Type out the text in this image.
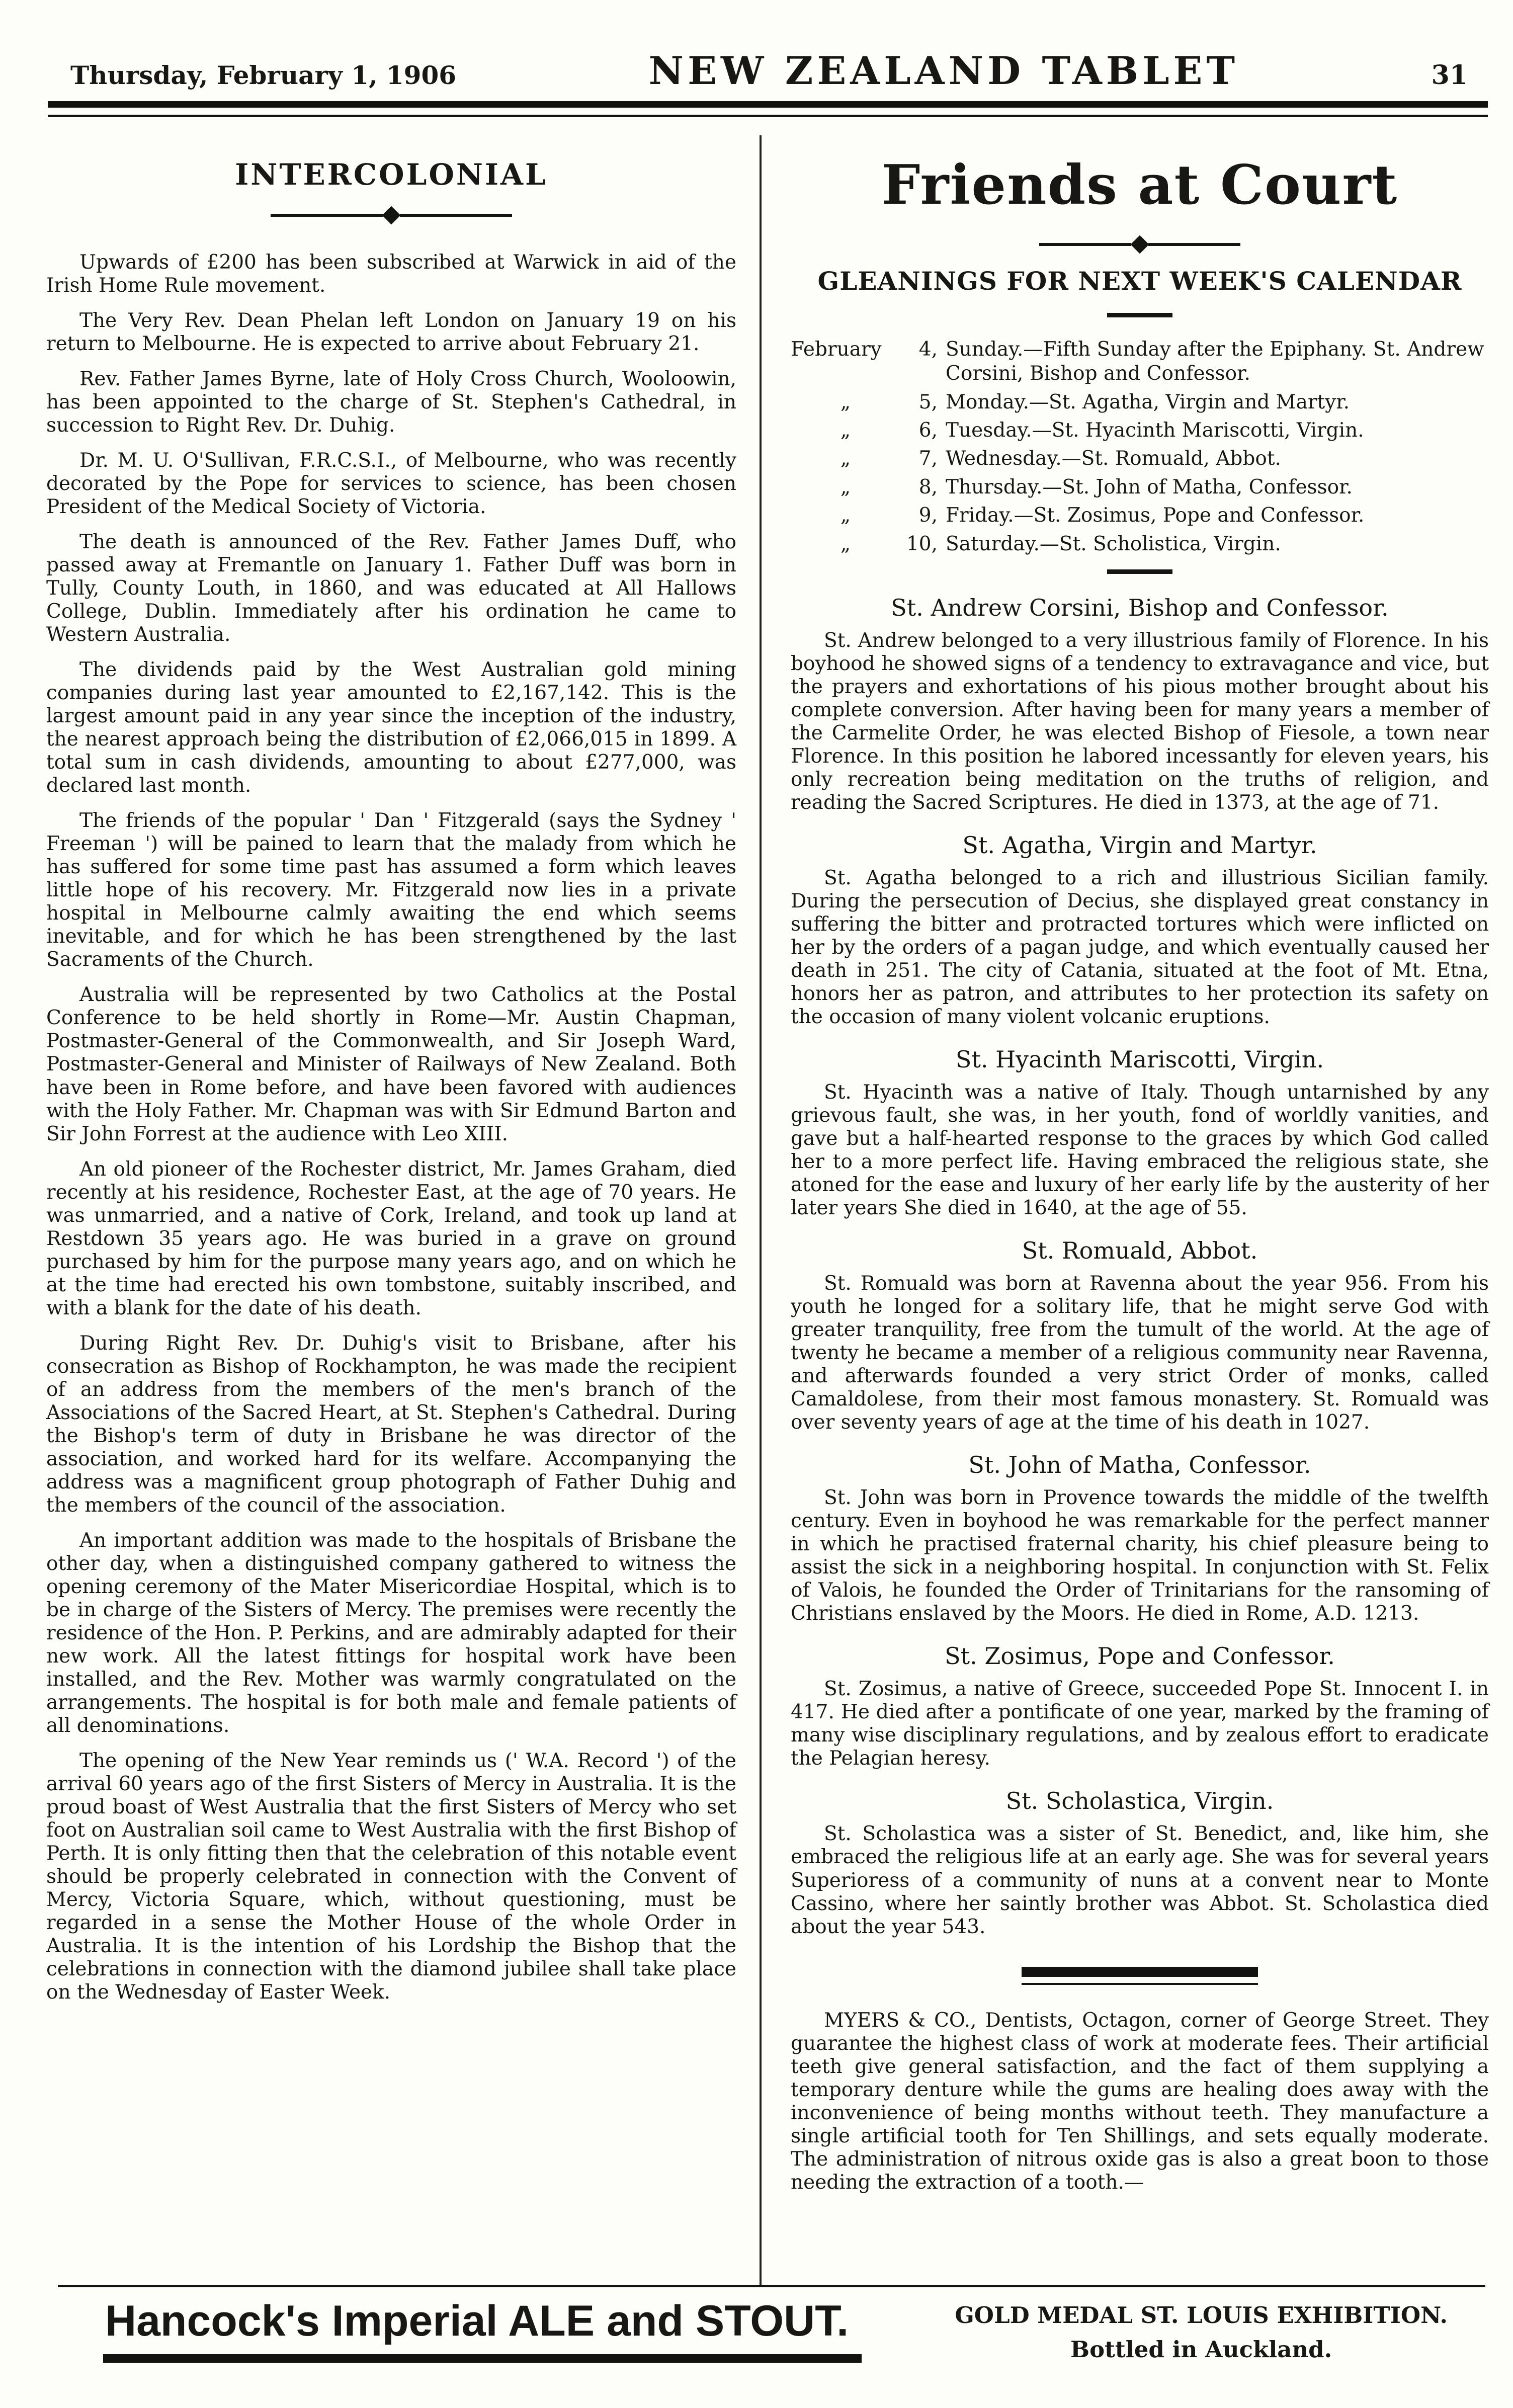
Thursday, February 1, 1906	NEW ZEALAND TABLET	31
INTERCOLONIAL

Upwards of £200 has been subscribed at Warwick in aid of the Irish Home Rule movement.

The Very Rev. Dean Phelan left London on January 19 on his return to Melbourne. He is expected to arrive about February 21.

Rev. Father James Byrne, late of Holy Cross Church, Wooloowin, has been appointed to the charge of St. Stephen's Cathedral, in succession to Right Rev. Dr. Duhig.

Dr. M. U. O'Sullivan, F.R.C.S.I., of Melbourne, who was recently decorated by the Pope for services to science, has been chosen President of the Medical Society of Victoria.

The death is announced of the Rev. Father James Duff, who passed away at Fremantle on January 1. Father Duff was born in Tully, County Louth, in 1860, and was educated at All Hallows College, Dublin. Immediately after his ordination he came to Western Australia.

The dividends paid by the West Australian gold mining companies during last year amounted to £2,167,142. This is the largest amount paid in any year since the inception of the industry, the nearest approach being the distribution of £2,066,015 in 1899. A total sum in cash dividends, amounting to about £277,000, was declared last month.

The friends of the popular ' Dan ' Fitzgerald (says the Sydney ' Freeman ') will be pained to learn that the malady from which he has suffered for some time past has assumed a form which leaves little hope of his recovery. Mr. Fitzgerald now lies in a private hospital in Melbourne calmly awaiting the end which seems inevitable, and for which he has been strengthened by the last Sacraments of the Church.

Australia will be represented by two Catholics at the Postal Conference to be held shortly in Rome—Mr. Austin Chapman, Postmaster-General of the Commonwealth, and Sir Joseph Ward, Postmaster-General and Minister of Railways of New Zealand. Both have been in Rome before, and have been favored with audiences with the Holy Father. Mr. Chapman was with Sir Edmund Barton and Sir John Forrest at the audience with Leo XIII.

An old pioneer of the Rochester district, Mr. James Graham, died recently at his residence, Rochester East, at the age of 70 years. He was unmarried, and a native of Cork, Ireland, and took up land at Restdown 35 years ago. He was buried in a grave on ground purchased by him for the purpose many years ago, and on which he at the time had erected his own tombstone, suitably inscribed, and with a blank for the date of his death.

During Right Rev. Dr. Duhig's visit to Brisbane, after his consecration as Bishop of Rockhampton, he was made the recipient of an address from the members of the men's branch of the Associations of the Sacred Heart, at St. Stephen's Cathedral. During the Bishop's term of duty in Brisbane he was director of the association, and worked hard for its welfare. Accompanying the address was a magnificent group photograph of Father Duhig and the members of the council of the association.

An important addition was made to the hospitals of Brisbane the other day, when a distinguished company gathered to witness the opening ceremony of the Mater Misericordiae Hospital, which is to be in charge of the Sisters of Mercy. The premises were recently the residence of the Hon. P. Perkins, and are admirably adapted for their new work. All the latest fittings for hospital work have been installed, and the Rev. Mother was warmly congratulated on the arrangements. The hospital is for both male and female patients of all denominations.

The opening of the New Year reminds us (' W.A. Record ') of the arrival 60 years ago of the first Sisters of Mercy in Australia. It is the proud boast of West Australia that the first Sisters of Mercy who set foot on Australian soil came to West Australia with the first Bishop of Perth. It is only fitting then that the celebration of this notable event should be properly celebrated in connection with the Convent of Mercy, Victoria Square, which, without questioning, must be regarded in a sense the Mother House of the whole Order in Australia. It is the intention of his Lordship the Bishop that the celebrations in connection with the diamond jubilee shall take place on the Wednesday of Easter Week.

Friends at Court
GLEANINGS FOR NEXT WEEK'S CALENDAR
February	4, Sunday.—Fifth Sunday after the Epiphany. St. Andrew Corsini, Bishop and Confessor.
„	5, Monday.—St. Agatha, Virgin and Martyr.
„	6, Tuesday.—St. Hyacinth Mariscotti, Virgin.
„	7, Wednesday.—St. Romuald, Abbot.
„	8, Thursday.—St. John of Matha, Confessor.
„	9, Friday.—St. Zosimus, Pope and Confessor.
„	10, Saturday.—St. Scholistica, Virgin.
St. Andrew Corsini, Bishop and Confessor.

St. Andrew belonged to a very illustrious family of Florence. In his boyhood he showed signs of a tendency to extravagance and vice, but the prayers and exhortations of his pious mother brought about his complete conversion. After having been for many years a member of the Carmelite Order, he was elected Bishop of Fiesole, a town near Florence. In this position he labored incessantly for eleven years, his only recreation being meditation on the truths of religion, and reading the Sacred Scriptures. He died in 1373, at the age of 71.

St. Agatha, Virgin and Martyr.

St. Agatha belonged to a rich and illustrious Sicilian family. During the persecution of Decius, she displayed great constancy in suffering the bitter and protracted tortures which were inflicted on her by the orders of a pagan judge, and which eventually caused her death in 251. The city of Catania, situated at the foot of Mt. Etna, honors her as patron, and attributes to her protection its safety on the occasion of many violent volcanic eruptions.

St. Hyacinth Mariscotti, Virgin.

St. Hyacinth was a native of Italy. Though untarnished by any grievous fault, she was, in her youth, fond of worldly vanities, and gave but a half-hearted response to the graces by which God called her to a more perfect life. Having embraced the religious state, she atoned for the ease and luxury of her early life by the austerity of her later years She died in 1640, at the age of 55.

St. Romuald, Abbot.

St. Romuald was born at Ravenna about the year 956. From his youth he longed for a solitary life, that he might serve God with greater tranquility, free from the tumult of the world. At the age of twenty he became a member of a religious community near Ravenna, and afterwards founded a very strict Order of monks, called Camaldolese, from their most famous monastery. St. Romuald was over seventy years of age at the time of his death in 1027.

St. John of Matha, Confessor.

St. John was born in Provence towards the middle of the twelfth century. Even in boyhood he was remarkable for the perfect manner in which he practised fraternal charity, his chief pleasure being to assist the sick in a neighboring hospital. In conjunction with St. Felix of Valois, he founded the Order of Trinitarians for the ransoming of Christians enslaved by the Moors. He died in Rome, A.D. 1213.

St. Zosimus, Pope and Confessor.

St. Zosimus, a native of Greece, succeeded Pope St. Innocent I. in 417. He died after a pontificate of one year, marked by the framing of many wise disciplinary regulations, and by zealous effort to eradicate the Pelagian heresy.

St. Scholastica, Virgin.

St. Scholastica was a sister of St. Benedict, and, like him, she embraced the religious life at an early age. She was for several years Superioress of a community of nuns at a convent near to Monte Cassino, where her saintly brother was Abbot. St. Scholastica died about the year 543.

MYERS & CO., Dentists, Octagon, corner of George Street. They guarantee the highest class of work at moderate fees. Their artificial teeth give general satisfaction, and the fact of them supplying a temporary denture while the gums are healing does away with the inconvenience of being months without teeth. They manufacture a single artificial tooth for Ten Shillings, and sets equally moderate. The administration of nitrous oxide gas is also a great boon to those needing the extraction of a tooth.—

Hancock's Imperial ALE and STOUT.	GOLD MEDAL ST. LOUIS EXHIBITION.
Bottled in Auckland.
